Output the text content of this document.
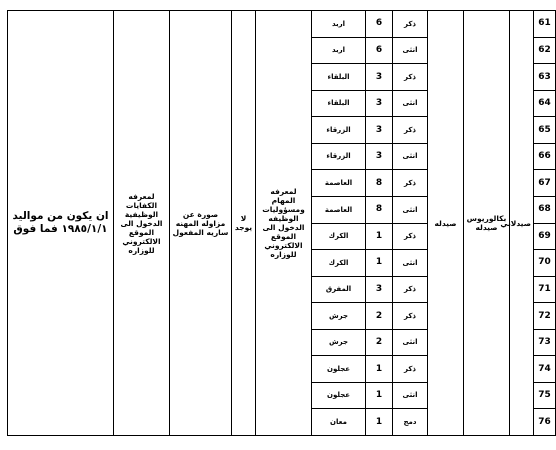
61	صيدلاني	بكالوريوس صيدله	صيدله	ذكر	6	اربد	لمعرفه المهام ومسؤوليات الوظيفه الدخول الى الموقع الالكتروني للوزاره	لا يوجد	صورة عن مزاوله المهنه ساريه المفعول	لمعرفه الكفايات الوظيفية الدخول الى الموقع الالكتروني للوزاره	ان يكون من مواليد ١٩٨٥/١/١ فما فوق
62				انثى	6	اربد					
63				ذكر	3	البلقاء					
64				انثى	3	البلقاء					
65				ذكر	3	الزرقاء					
66				انثى	3	الزرقاء					
67				ذكر	8	العاصمة					
68				انثى	8	العاصمة					
69				ذكر	1	الكرك					
70				انثى	1	الكرك					
71				ذكر	3	المفرق					
72				ذكر	2	جرش					
73				انثى	2	جرش					
74				ذكر	1	عجلون					
75				انثى	1	عجلون					
76				دمج	1	معان					
